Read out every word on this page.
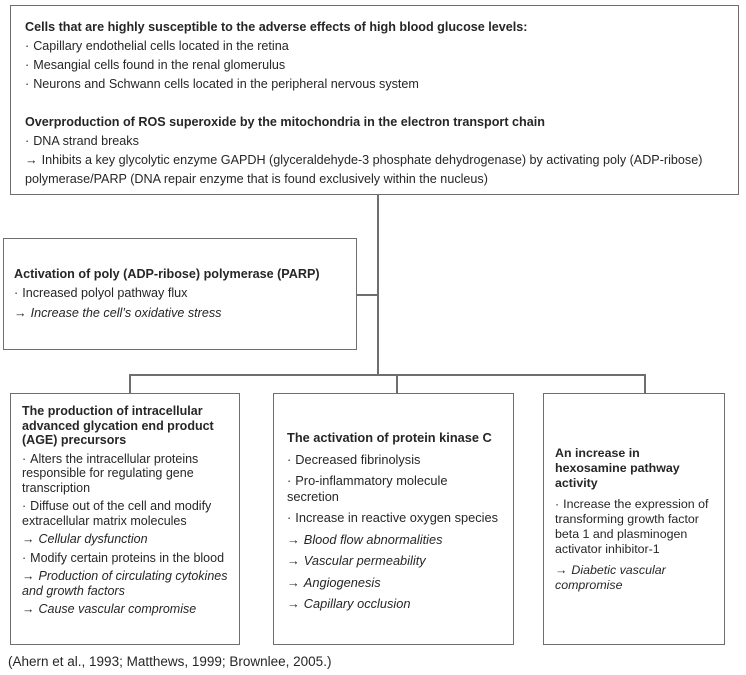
Cells that are highly susceptible to the adverse effects of high blood glucose levels:
· Capillary endothelial cells located in the retina
· Mesangial cells found in the renal glomerulus
· Neurons and Schwann cells located in the peripheral nervous system
Overproduction of ROS superoxide by the mitochondria in the electron transport chain
· DNA strand breaks
→ Inhibits a key glycolytic enzyme GAPDH (glyceraldehyde-3 phosphate dehydrogenase) by activating poly (ADP-ribose) polymerase/PARP (DNA repair enzyme that is found exclusively within the nucleus)
Activation of poly (ADP-ribose) polymerase (PARP)
· Increased polyol pathway flux
→ Increase the cell’s oxidative stress
The production of intracellular advanced glycation end product (AGE) precursors
· Alters the intracellular proteins responsible for regulating gene transcription
· Diffuse out of the cell and modify extracellular matrix molecules
→ Cellular dysfunction
· Modify certain proteins in the blood
→ Production of circulating cytokines and growth factors
→ Cause vascular compromise
The activation of protein kinase C
· Decreased fibrinolysis
· Pro-inflammatory molecule secretion
· Increase in reactive oxygen species
→ Blood flow abnormalities
→ Vascular permeability
→ Angiogenesis
→ Capillary occlusion
An increase in hexosamine pathway activity
· Increase the expression of transforming growth factor beta 1 and plasminogen activator inhibitor-1
→ Diabetic vascular compromise
(Ahern et al., 1993; Matthews, 1999; Brownlee, 2005.)
